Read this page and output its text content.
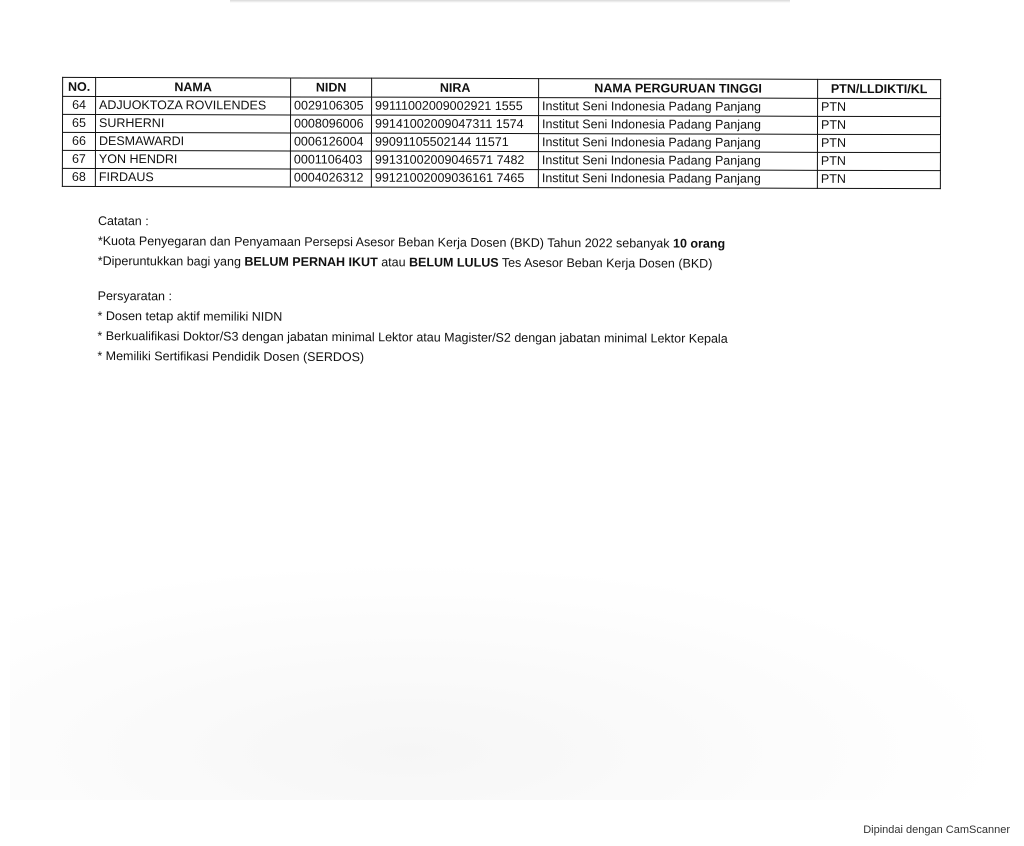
NO.	NAMA	NIDN	NIRA	NAMA PERGURUAN TINGGI	PTN/LLDIKTI/KL
64	ADJUOKTOZA ROVILENDES	0029106305	99111002009002921 1555	Institut Seni Indonesia Padang Panjang	PTN
65	SURHERNI	0008096006	99141002009047311 1574	Institut Seni Indonesia Padang Panjang	PTN
66	DESMAWARDI	0006126004	99091105502144 11571	Institut Seni Indonesia Padang Panjang	PTN
67	YON HENDRI	0001106403	99131002009046571 7482	Institut Seni Indonesia Padang Panjang	PTN
68	FIRDAUS	0004026312	99121002009036161 7465	Institut Seni Indonesia Padang Panjang	PTN

Catatan :

*Kuota Penyegaran dan Penyamaan Persepsi Asesor Beban Kerja Dosen (BKD) Tahun 2022 sebanyak 10 orang

*Diperuntukkan bagi yang BELUM PERNAH IKUT atau BELUM LULUS Tes Asesor Beban Kerja Dosen (BKD)

Persyaratan :

* Dosen tetap aktif memiliki NIDN

* Berkualifikasi Doktor/S3 dengan jabatan minimal Lektor atau Magister/S2 dengan jabatan minimal Lektor Kepala

* Memiliki Sertifikasi Pendidik Dosen (SERDOS)

Dipindai dengan CamScanner
